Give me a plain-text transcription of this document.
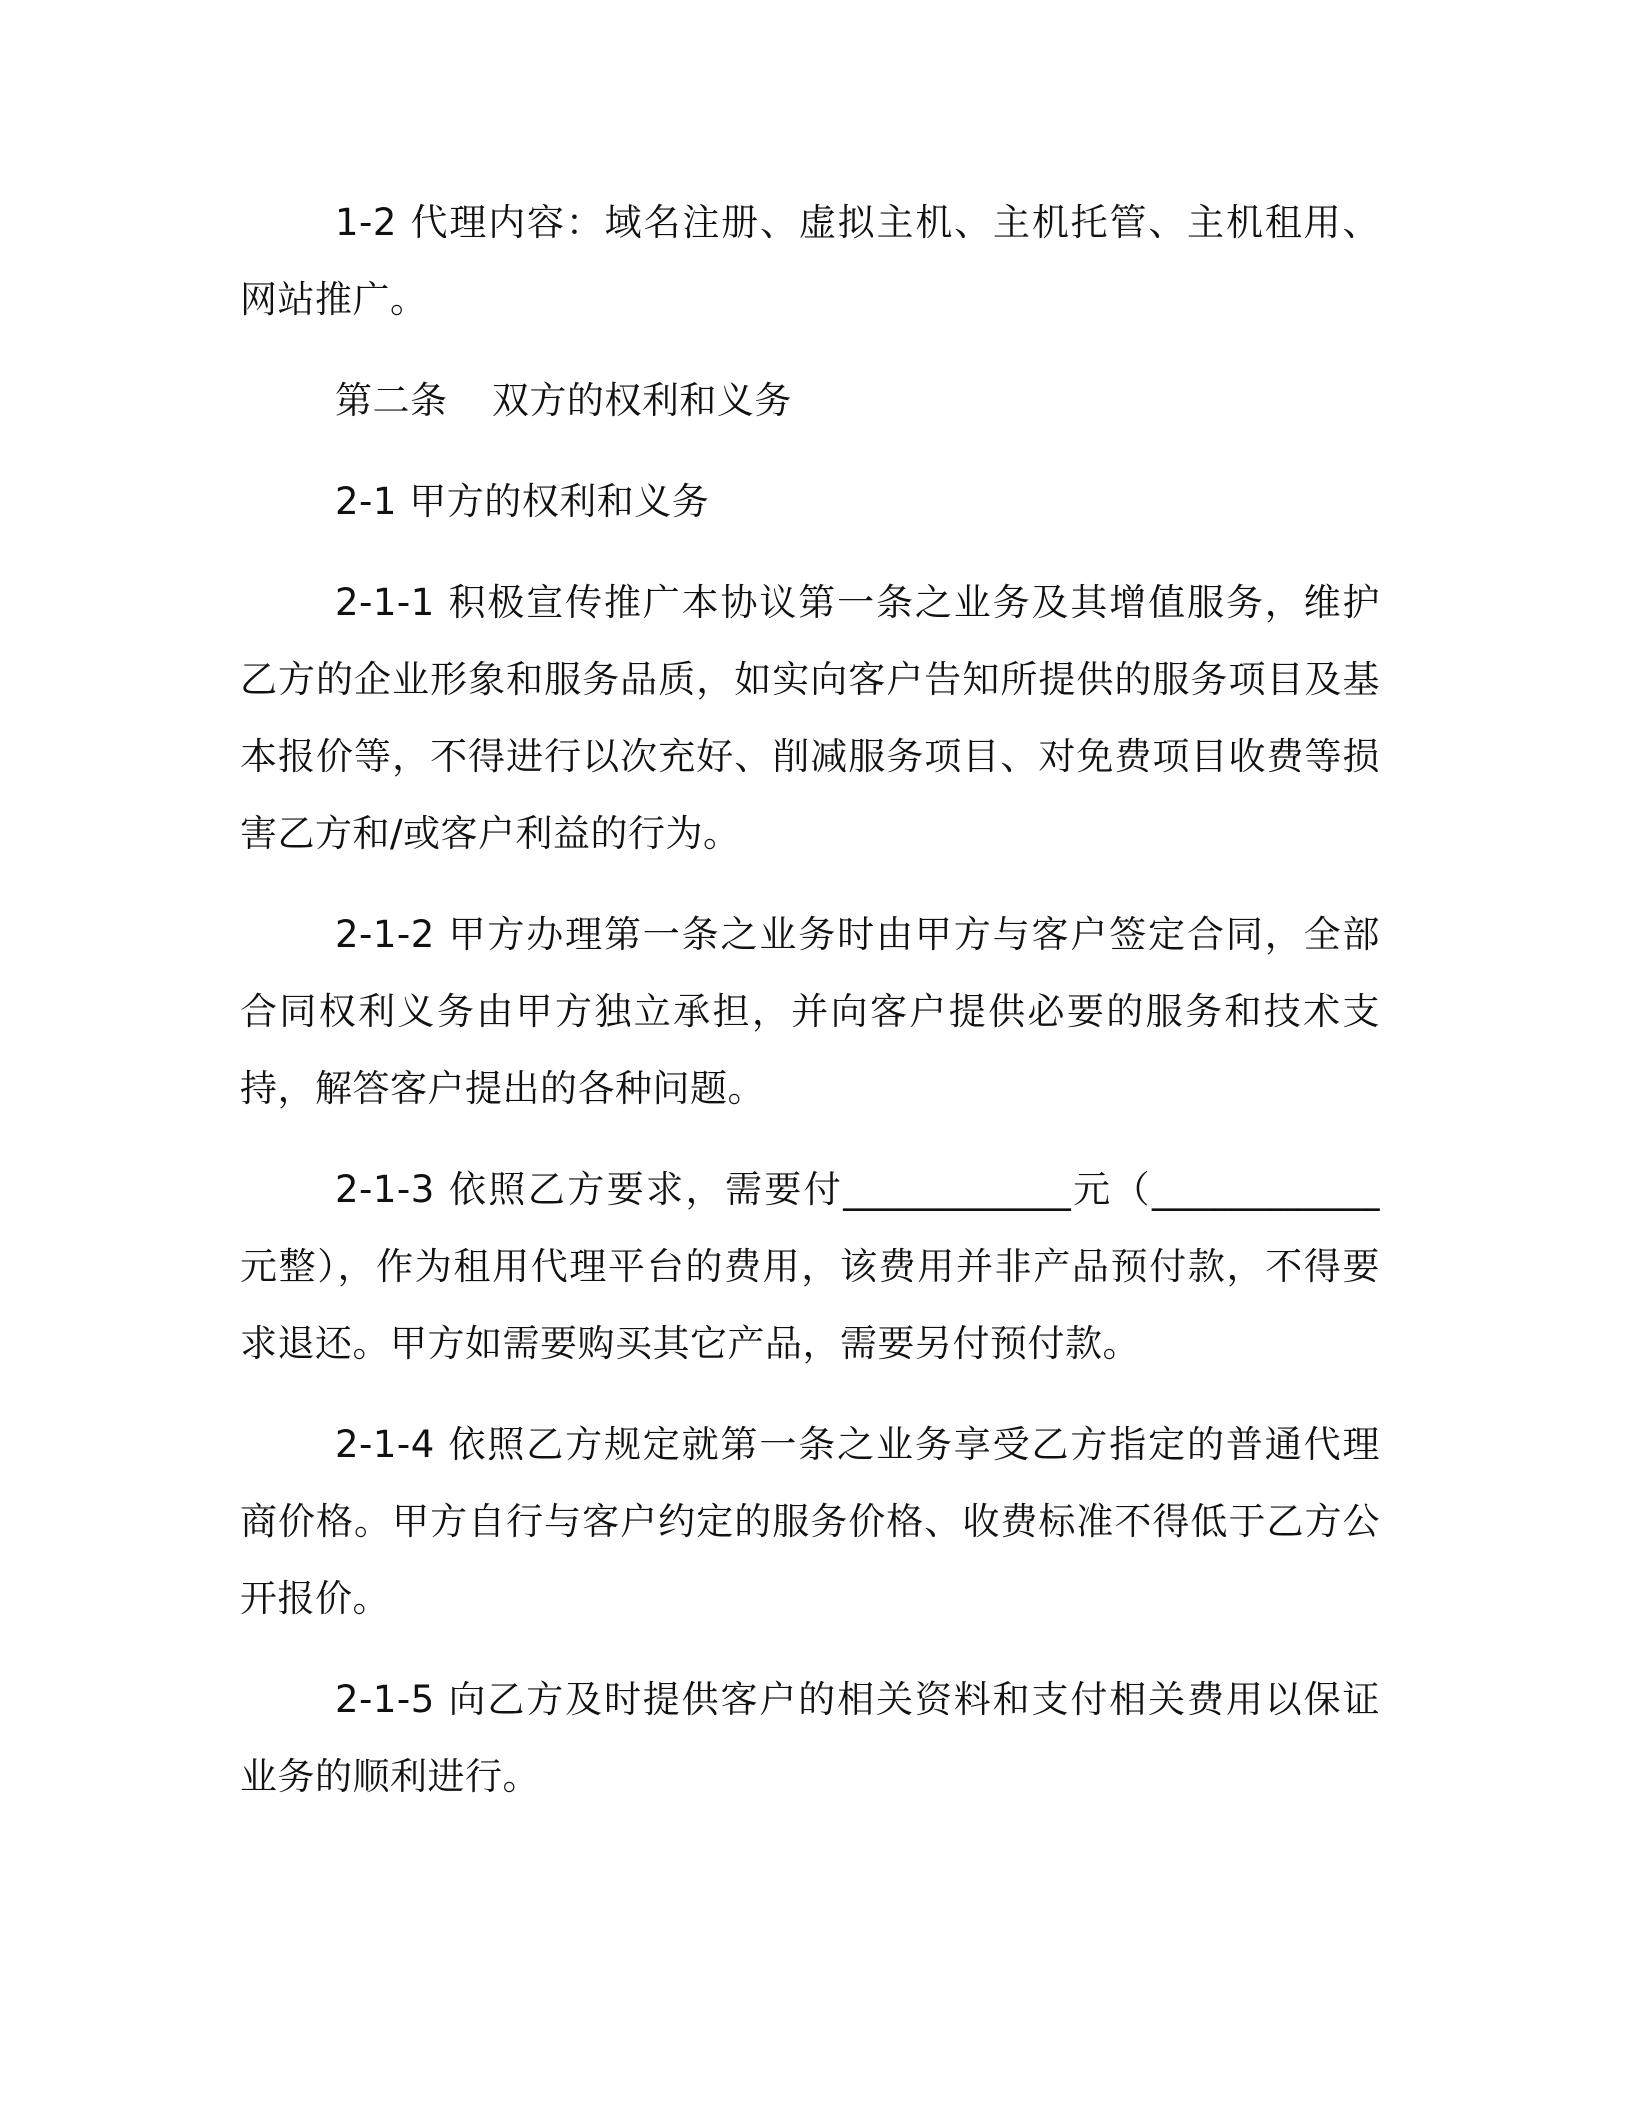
1-2 代理内容：域名注册、虚拟主机、主机托管、主机租用、网站推广。

第二条 双方的权利和义务

2-1 甲方的权利和义务

2-1-1 积极宣传推广本协议第一条之业务及其增值服务，维护乙方的企业形象和服务品质，如实向客户告知所提供的服务项目及基本报价等，不得进行以次充好、削减服务项目、对免费项目收费等损害乙方和/或客户利益的行为。

2-1-2 甲方办理第一条之业务时由甲方与客户签定合同，全部合同权利义务由甲方独立承担，并向客户提供必要的服务和技术支持，解答客户提出的各种问题。

2-1-3 依照乙方要求，需要付____________元（____________元整），作为租用代理平台的费用，该费用并非产品预付款，不得要求退还。甲方如需要购买其它产品，需要另付预付款。

2-1-4 依照乙方规定就第一条之业务享受乙方指定的普通代理商价格。甲方自行与客户约定的服务价格、收费标准不得低于乙方公开报价。

2-1-5 向乙方及时提供客户的相关资料和支付相关费用以保证业务的顺利进行。
